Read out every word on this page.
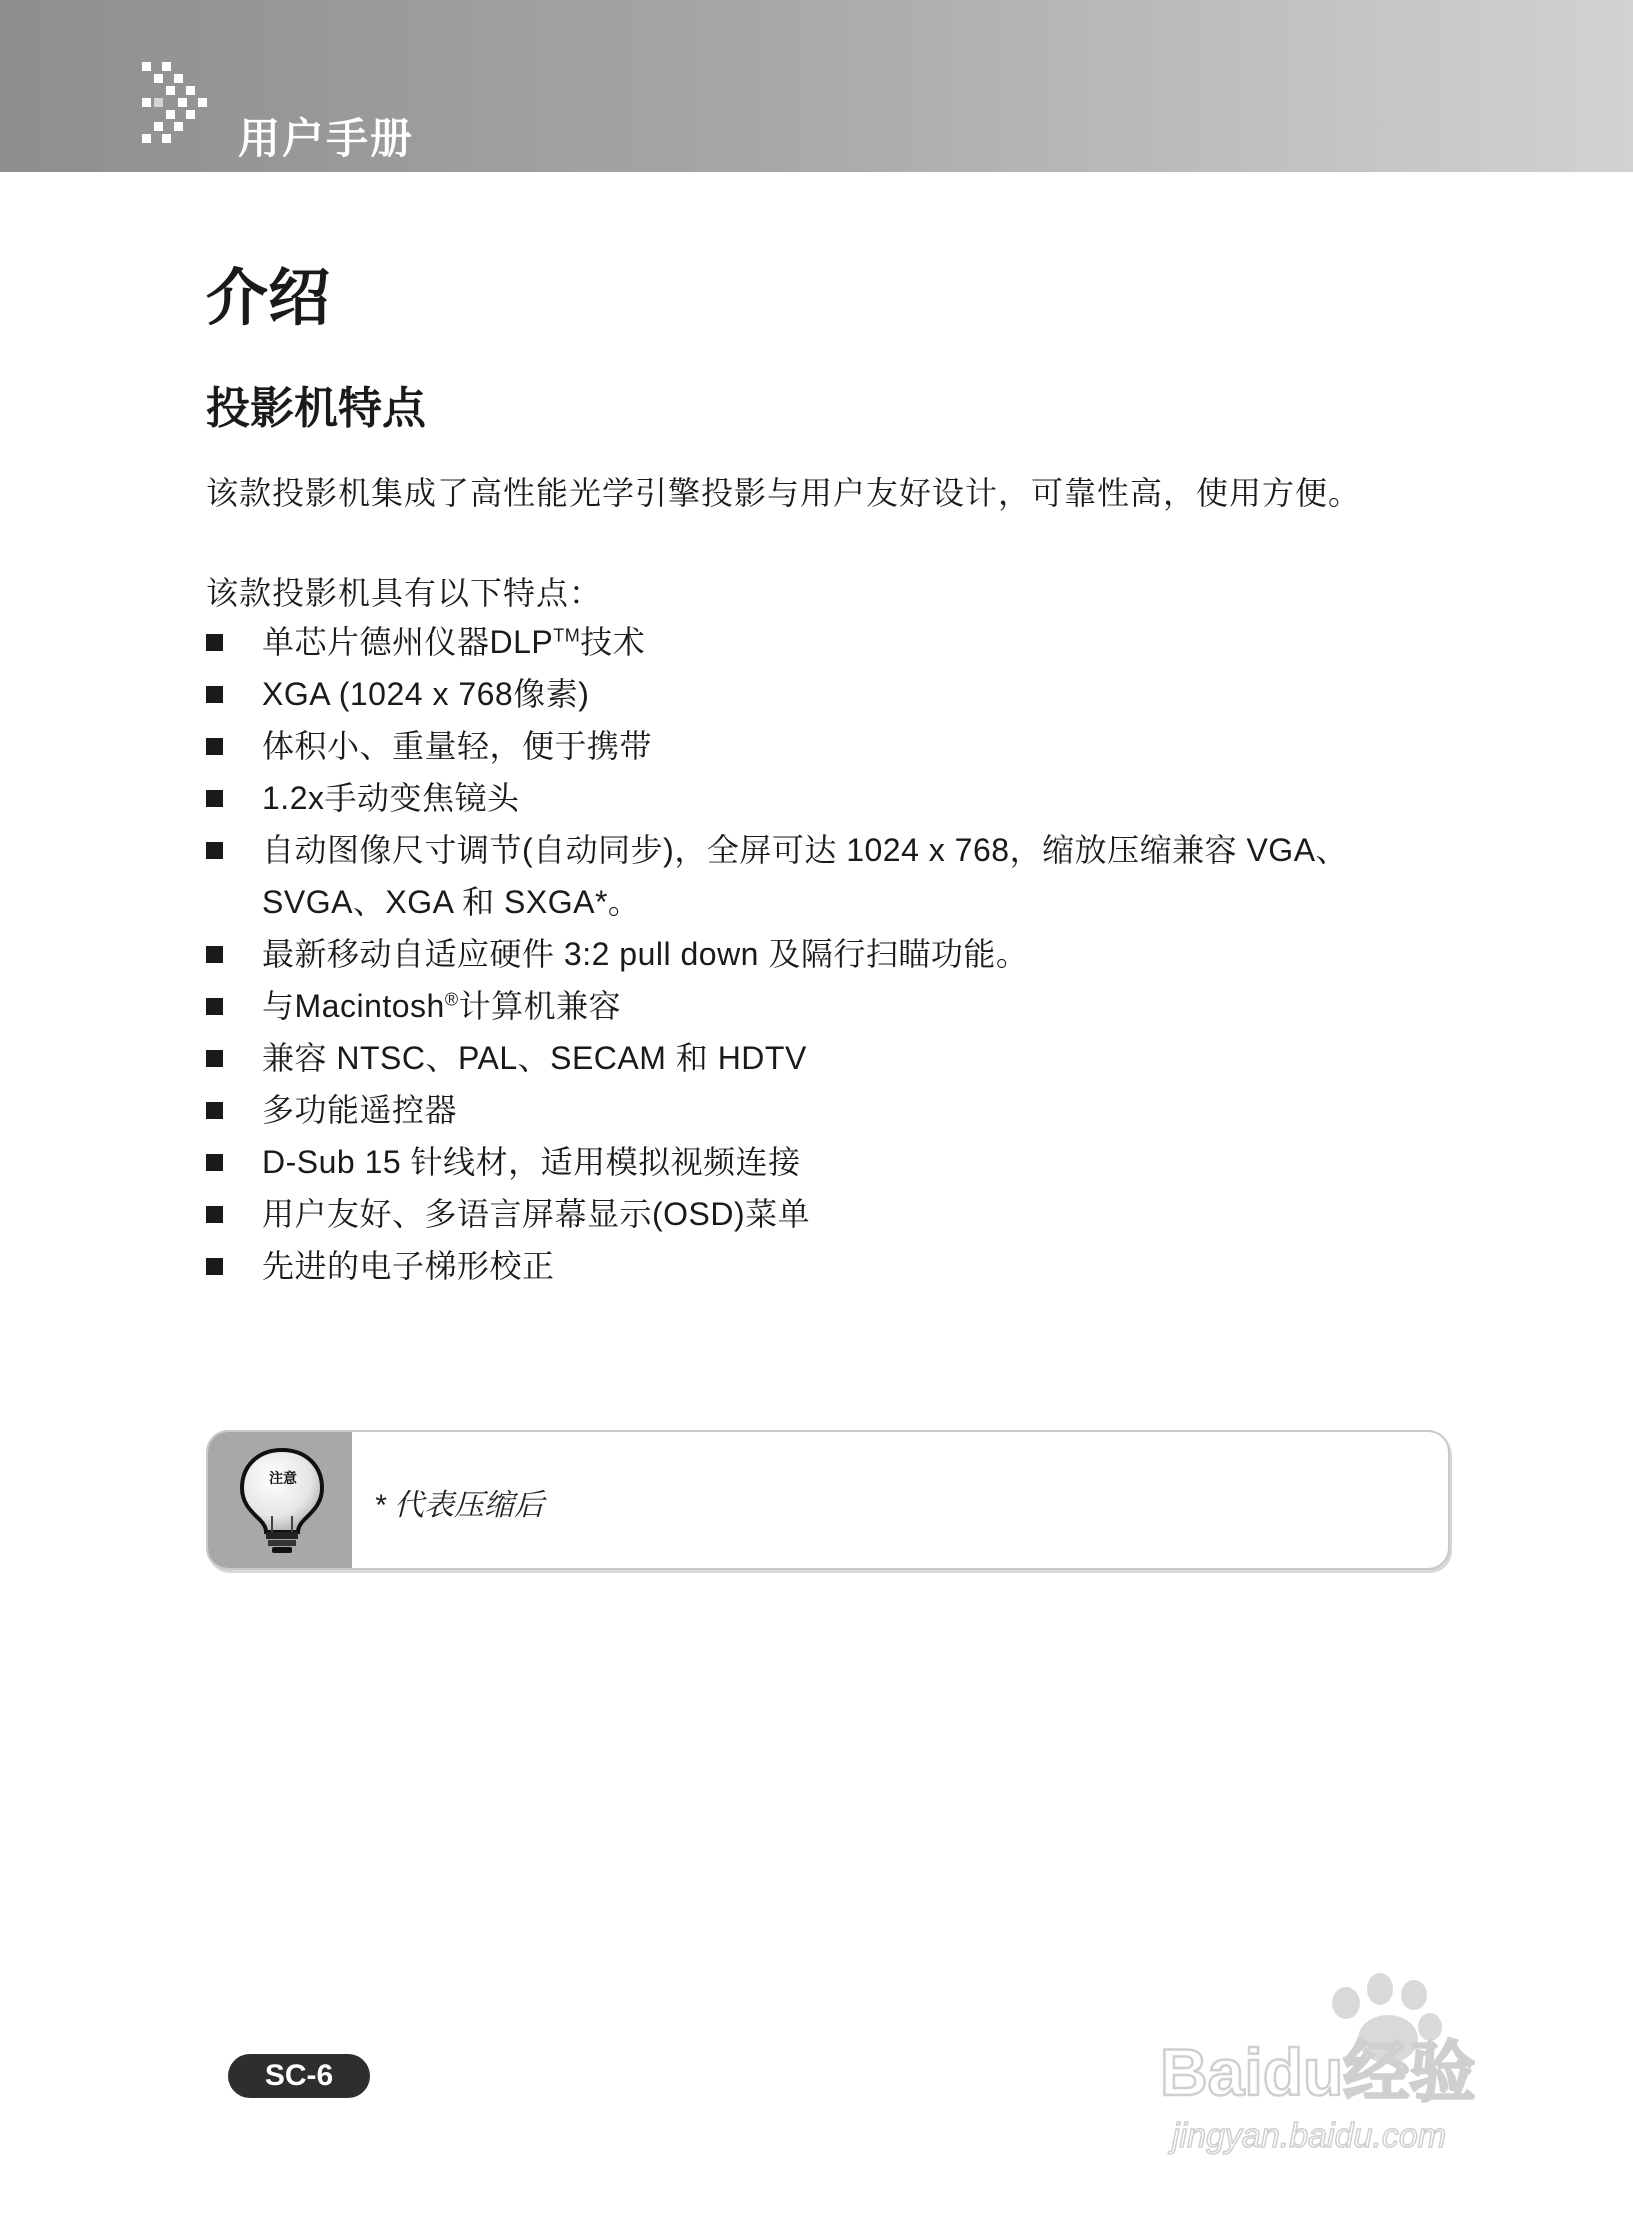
用户手册
介绍
投影机特点

该款投影机集成了高性能光学引擎投影与用户友好设计，可靠性高，使用方便。

该款投影机具有以下特点：

单芯片德州仪器DLP™技术
XGA (1024 x 768像素)
体积小、重量轻，便于携带
1.2x手动变焦镜头
自动图像尺寸调节(自动同步)，全屏可达 1024 x 768，缩放压缩兼容 VGA、
SVGA、XGA 和 SXGA*。
最新移动自适应硬件 3:2 pull down 及隔行扫瞄功能。
与Macintosh®计算机兼容
兼容 NTSC、PAL、SECAM 和 HDTV
多功能遥控器
D-Sub 15 针线材，适用模拟视频连接
用户友好、多语言屏幕显示(OSD)菜单
先进的电子梯形校正
注意
* 代表压缩后
SC-6	Baidu经验
jingyan.baidu.com
